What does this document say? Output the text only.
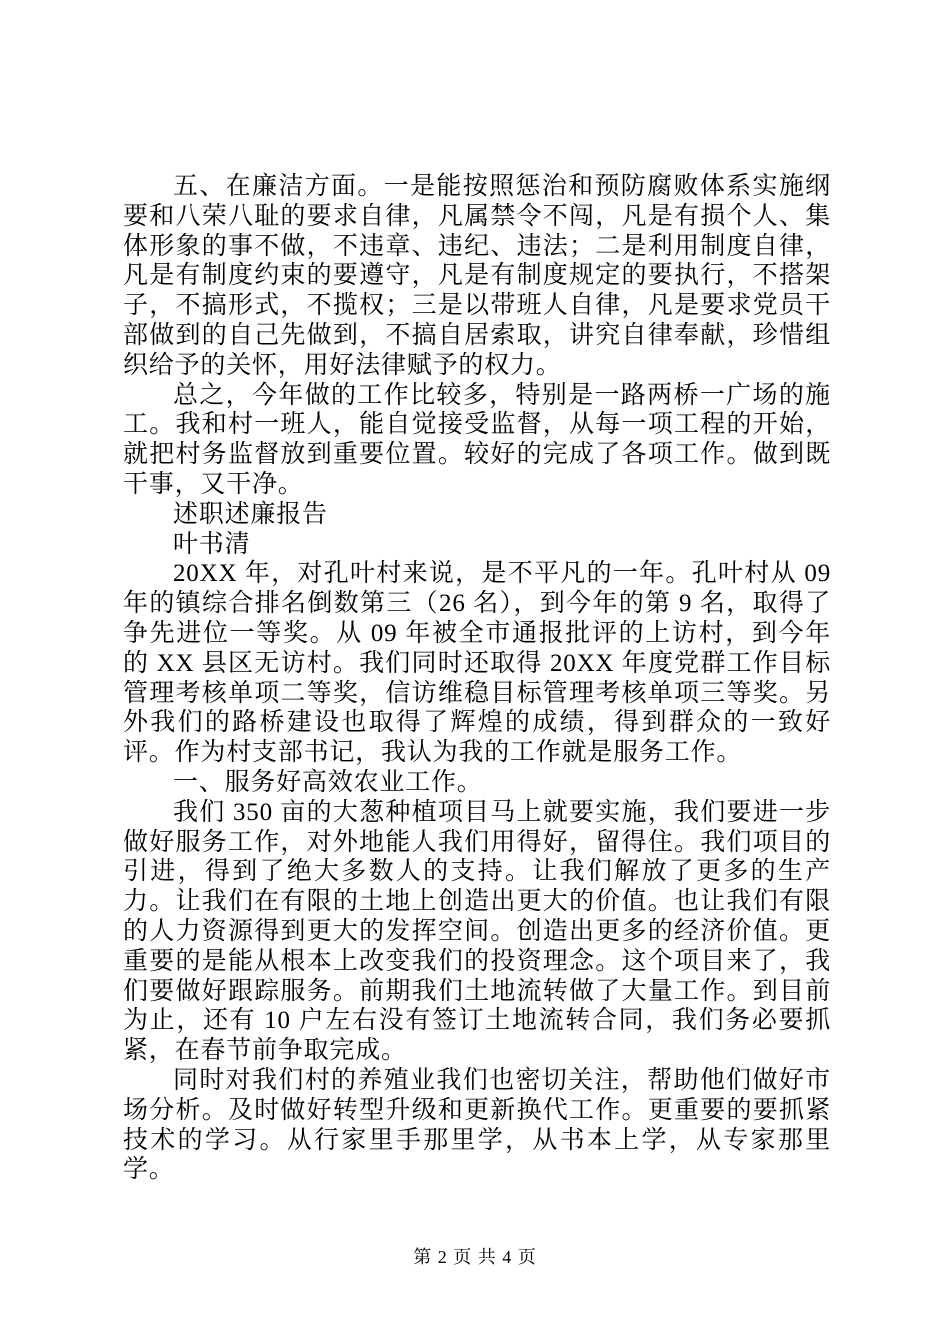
五、在廉洁方面。一是能按照惩治和预防腐败体系实施纲要和八荣八耻的要求自律，凡属禁令不闯，凡是有损个人、集体形象的事不做，不违章、违纪、违法；二是利用制度自律，凡是有制度约束的要遵守，凡是有制度规定的要执行，不搭架子，不搞形式，不揽权；三是以带班人自律，凡是要求党员干部做到的自己先做到，不搞自居索取，讲究自律奉献，珍惜组织给予的关怀，用好法律赋予的权力。

总之，今年做的工作比较多，特别是一路两桥一广场的施工。我和村一班人，能自觉接受监督，从每一项工程的开始，就把村务监督放到重要位置。较好的完成了各项工作。做到既干事，又干净。

述职述廉报告

叶书清

20XX 年，对孔叶村来说，是不平凡的一年。孔叶村从 09 年的镇综合排名倒数第三（26 名），到今年的第 9 名，取得了争先进位一等奖。从 09 年被全市通报批评的上访村，到今年的 XX 县区无访村。我们同时还取得 20XX 年度党群工作目标管理考核单项二等奖，信访维稳目标管理考核单项三等奖。另外我们的路桥建设也取得了辉煌的成绩，得到群众的一致好评。作为村支部书记，我认为我的工作就是服务工作。

一、服务好高效农业工作。

我们 350 亩的大葱种植项目马上就要实施，我们要进一步做好服务工作，对外地能人我们用得好，留得住。我们项目的引进，得到了绝大多数人的支持。让我们解放了更多的生产力。让我们在有限的土地上创造出更大的价值。也让我们有限的人力资源得到更大的发挥空间。创造出更多的经济价值。更重要的是能从根本上改变我们的投资理念。这个项目来了，我们要做好跟踪服务。前期我们土地流转做了大量工作。到目前为止，还有 10 户左右没有签订土地流转合同，我们务必要抓紧，在春节前争取完成。

同时对我们村的养殖业我们也密切关注，帮助他们做好市场分析。及时做好转型升级和更新换代工作。更重要的要抓紧技术的学习。从行家里手那里学，从书本上学，从专家那里学。

第 2 页 共 4 页
